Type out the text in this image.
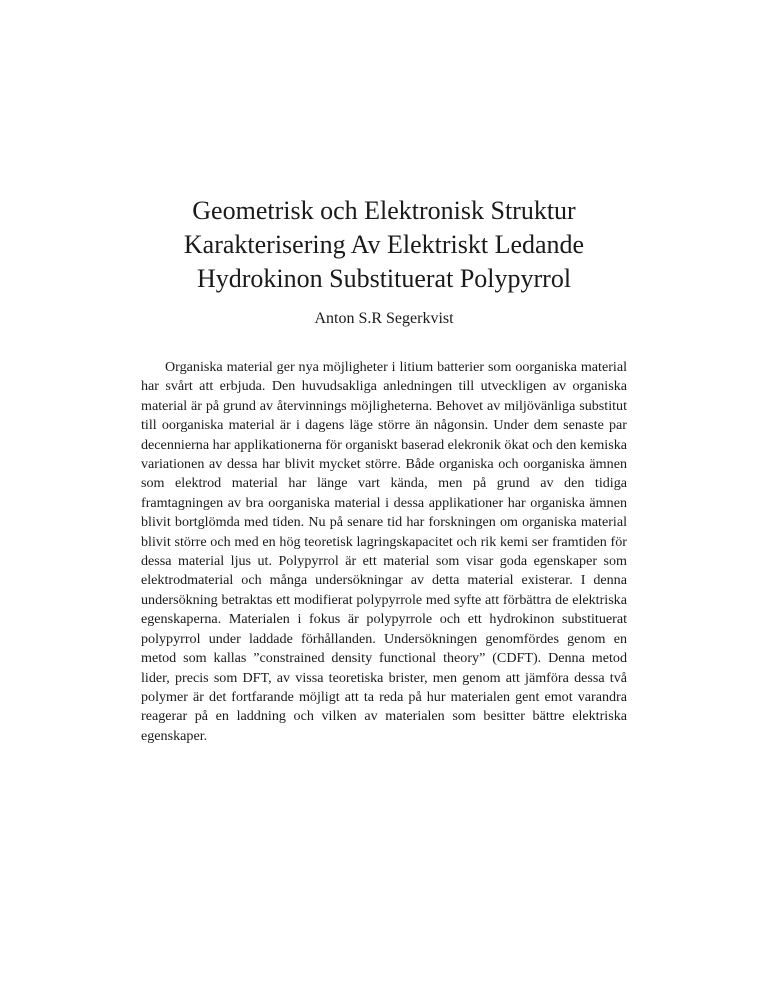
Geometrisk och Elektronisk Struktur
Karakterisering Av Elektriskt Ledande
Hydrokinon Substituerat Polypyrrol
Anton S.R Segerkvist

Organiska material ger nya möjligheter i litium batterier som oorganiska material har svårt att erbjuda. Den huvudsakliga anledningen till utveckligen av organiska material är på grund av återvinnings möjligheterna. Behovet av miljövänliga substitut till oorganiska material är i dagens läge större än någonsin. Under dem senaste par decennierna har applikationerna för organiskt baserad elekronik ökat och den kemiska variationen av dessa har blivit mycket större. Både organiska och oorganiska ämnen som elektrod material har länge vart kända, men på grund av den tidiga framtagningen av bra oorganiska material i dessa applikationer har organiska ämnen blivit bortglömda med tiden. Nu på senare tid har forskningen om organiska material blivit större och med en hög teoretisk lagringskapacitet och rik kemi ser framtiden för dessa material ljus ut. Polypyrrol är ett material som visar goda egenskaper som elektrodmaterial och många undersökningar av detta material existerar. I denna undersökning betraktas ett modifierat polypyrrole med syfte att förbättra de elektriska egenskaperna. Materialen i fokus är polypyrrole och ett hydrokinon substituerat polypyrrol under laddade förhållanden. Undersökningen genomfördes genom en metod som kallas ”constrained density functional theory” (CDFT). Denna metod lider, precis som DFT, av vissa teoretiska brister, men genom att jämföra dessa två polymer är det fortfarande möjligt att ta reda på hur materialen gent emot varandra reagerar på en laddning och vilken av materialen som besitter bättre elektriska egenskaper.
